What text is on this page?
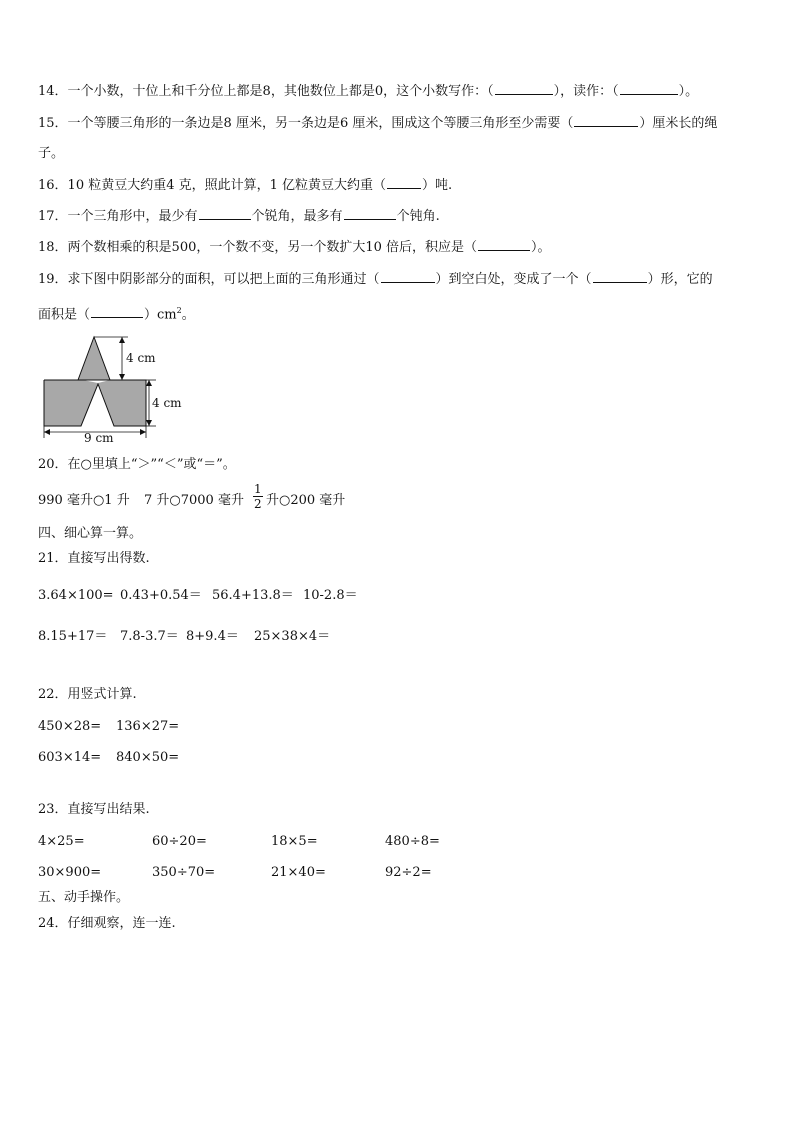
14．一个小数，十位上和千分位上都是8，其他数位上都是0，这个小数写作：（	），读作：（	）。
15．一个等腰三角形的一条边是8 厘米，另一条边是6 厘米，围成这个等腰三角形至少需要（	）厘米长的绳
子。
16．10 粒黄豆大约重4 克，照此计算，1 亿粒黄豆大约重（	）吨.
17．一个三角形中，最少有	个锐角，最多有	个钝角.
18．两个数相乘的积是500，一个数不变，另一个数扩大10 倍后，积应是（	）。
19．求下图中阴影部分的面积，可以把上面的三角形通过（	）到空白处，变成了一个（	）形，它的
面积是（	）$cm^2$。
4 cm
4 cm
9 cm
20．在○里填上“＞”“＜”或“＝”。
990 毫升○1 升 7 升○7000 毫升 $\frac{1}{2}$ 升○200 毫升
四、细心算一算。
21．直接写出得数.
3.64×100= 0.43+0.54＝ 56.4+13.8＝ 10-2.8＝
8.15+17＝ 7.8-3.7＝ 8+9.4＝ 25×38×4＝
22．用竖式计算.
450×28= 136×27=
603×14= 840×50=
23．直接写出结果.
4×25=	60÷20=	18×5=	480÷8=
30×900=	350÷70=	21×40=	92÷2=
五、动手操作。
24．仔细观察，连一连.
